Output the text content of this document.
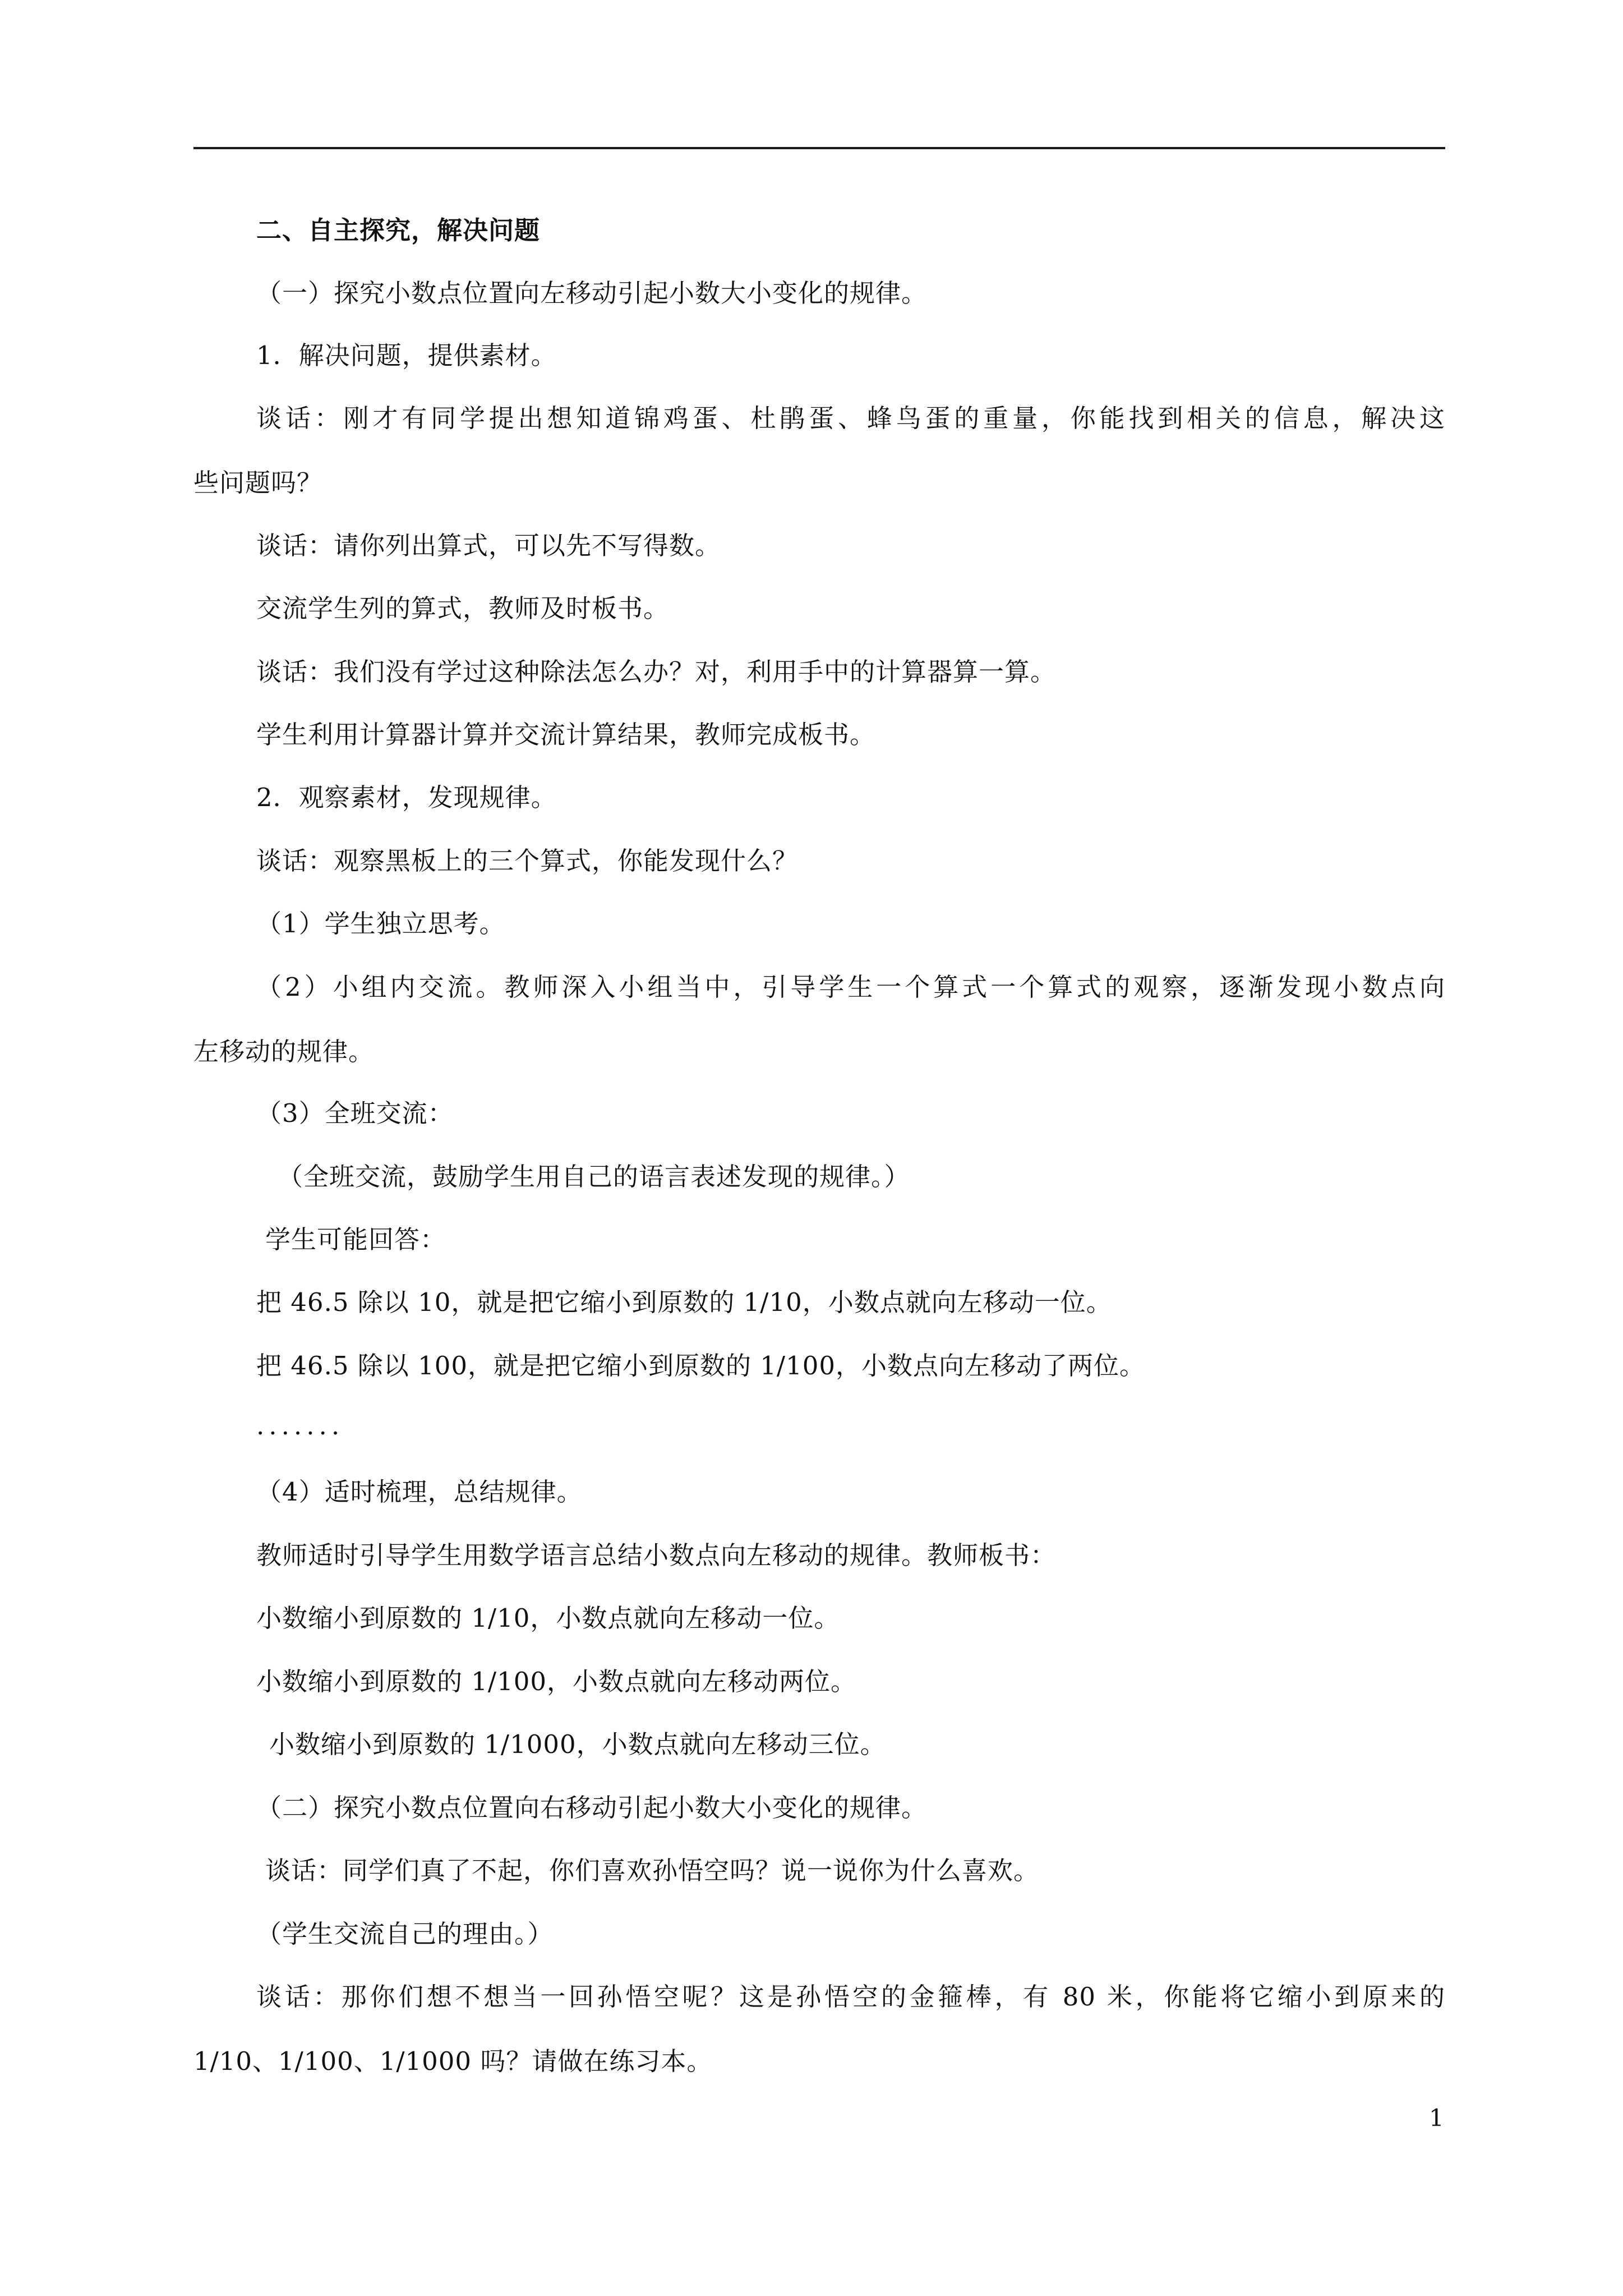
二、自主探究，解决问题
（一）探究小数点位置向左移动引起小数大小变化的规律。
1．解决问题，提供素材。
谈话：刚才有同学提出想知道锦鸡蛋、杜鹃蛋、蜂鸟蛋的重量，你能找到相关的信息，解决这
些问题吗？
谈话：请你列出算式，可以先不写得数。
交流学生列的算式，教师及时板书。
谈话：我们没有学过这种除法怎么办？对，利用手中的计算器算一算。
学生利用计算器计算并交流计算结果，教师完成板书。
2．观察素材，发现规律。
谈话：观察黑板上的三个算式，你能发现什么？
（1）学生独立思考。
（2）小组内交流。教师深入小组当中，引导学生一个算式一个算式的观察，逐渐发现小数点向
左移动的规律。
（3）全班交流：
（全班交流，鼓励学生用自己的语言表述发现的规律。）
学生可能回答：
把 46.5 除以 10，就是把它缩小到原数的 1/10，小数点就向左移动一位。
把 46.5 除以 100，就是把它缩小到原数的 1/100，小数点向左移动了两位。
.......
（4）适时梳理，总结规律。
教师适时引导学生用数学语言总结小数点向左移动的规律。教师板书：
小数缩小到原数的 1/10，小数点就向左移动一位。
小数缩小到原数的 1/100，小数点就向左移动两位。
小数缩小到原数的 1/1000，小数点就向左移动三位。
（二）探究小数点位置向右移动引起小数大小变化的规律。
谈话：同学们真了不起，你们喜欢孙悟空吗？说一说你为什么喜欢。
（学生交流自己的理由。）
谈话：那你们想不想当一回孙悟空呢？这是孙悟空的金箍棒，有 80 米，你能将它缩小到原来的
1/10、1/100、1/1000 吗？请做在练习本。
1
